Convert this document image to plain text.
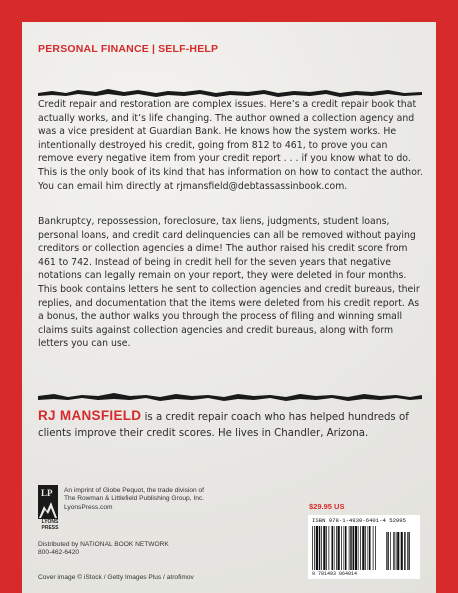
PERSONAL FINANCE | SELF-HELP

Credit repair and restoration are complex issues. Here’s a credit repair book that actually works, and it’s life changing. The author owned a collection agency and was a vice president at Guardian Bank. He knows how the system works. He intentionally destroyed his credit, going from 812 to 461, to prove you can remove every negative item from your credit report . . . if you know what to do. This is the only book of its kind that has information on how to contact the author. You can email him directly at rjmansfield@debtassassinbook.com.

Bankruptcy, repossession, foreclosure, tax liens, judgments, student loans, personal loans, and credit card delinquencies can all be removed without paying creditors or collection agencies a dime! The author raised his credit score from 461 to 742. Instead of being in credit hell for the seven years that negative notations can legally remain on your report, they were deleted in four months. This book contains letters he sent to collection agencies and credit bureaus, their replies, and documentation that the items were deleted from his credit report. As a bonus, the author walks you through the process of filing and winning small claims suits against collection agencies and credit bureaus, along with form letters you can use.

RJ MANSFIELD is a credit repair coach who has helped hundreds of clients improve their credit scores. He lives in Chandler, Arizona.

LP
LYONS
PRESS
An imprint of Globe Pequot, the trade division of
The Rowman & Littlefield Publishing Group, Inc.
LyonsPress.com
Distributed by NATIONAL BOOK NETWORK
800-462-6420
Cover image © iStock / Getty Images Plus / atrofimov
$29.95 US
ISBN 978-1-4930-6401-4 52995
9 781493 064014
